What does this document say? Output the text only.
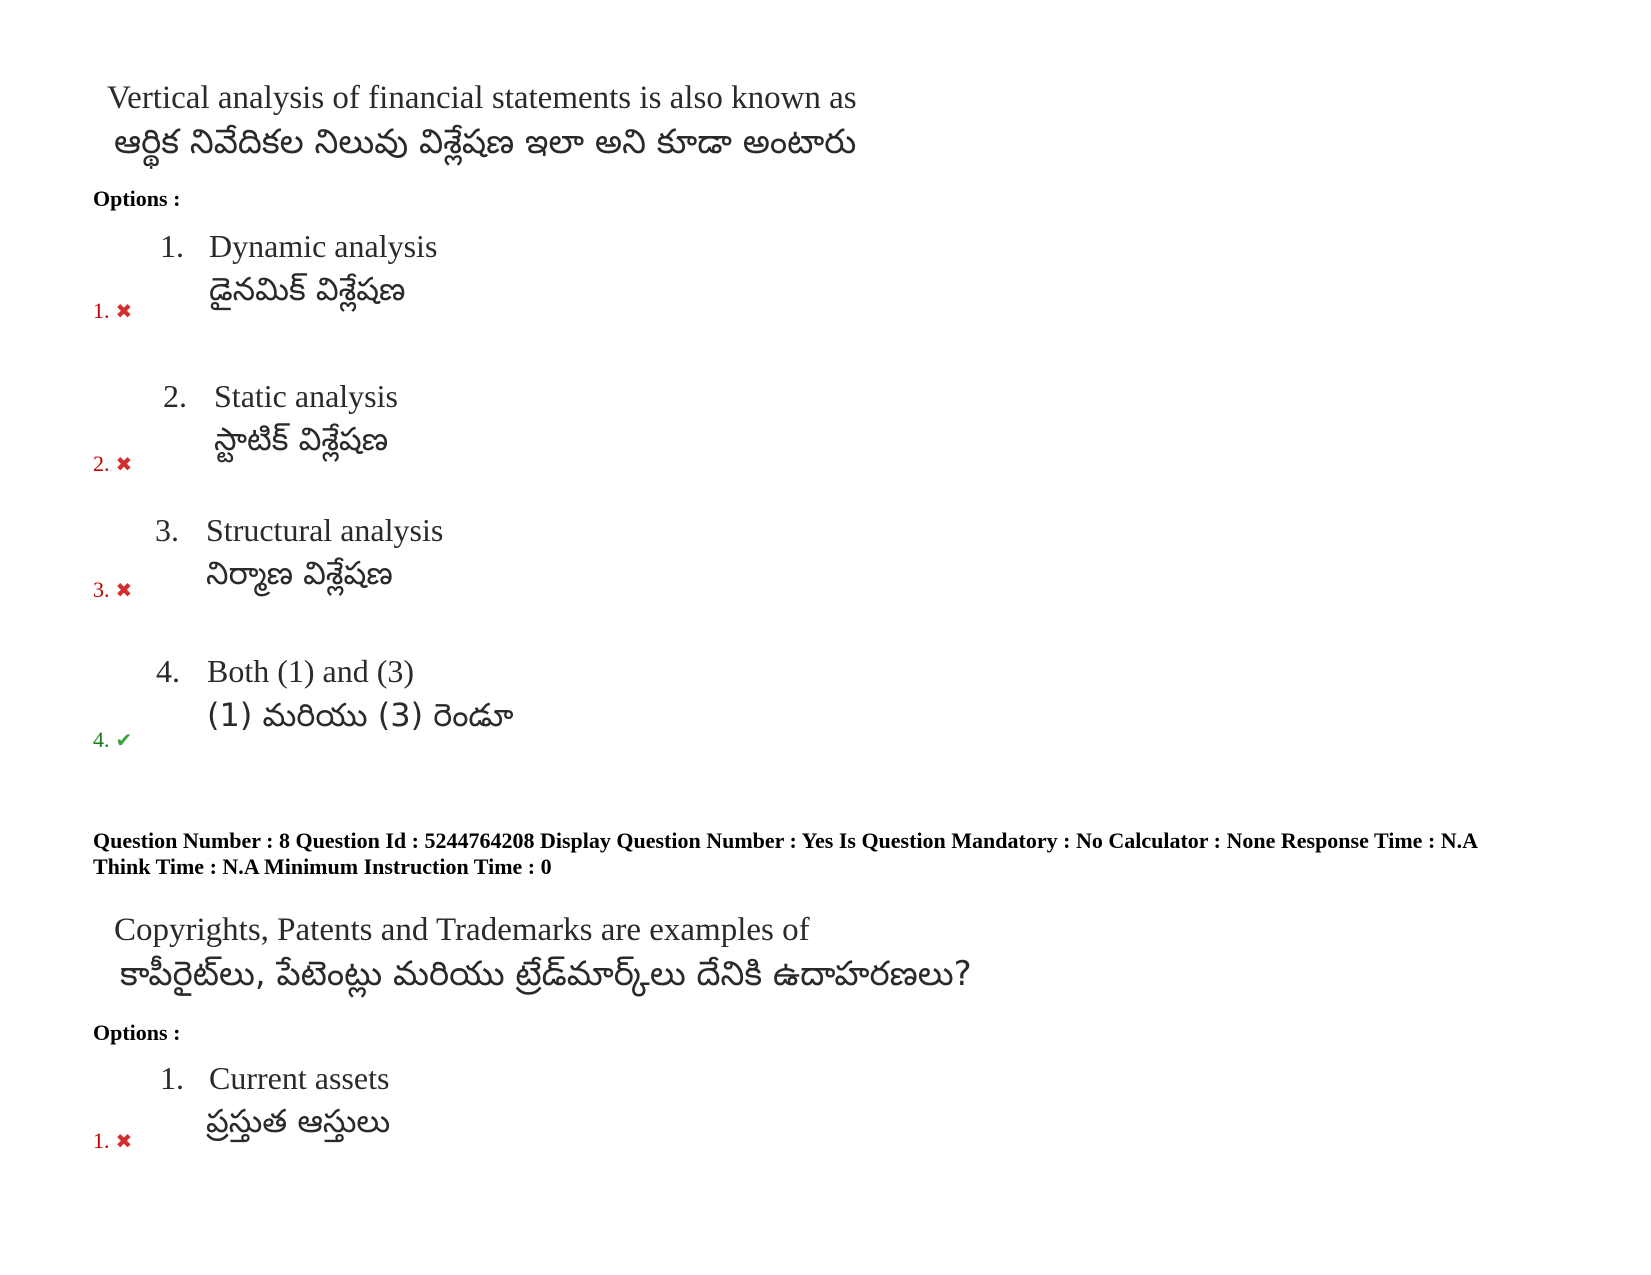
Vertical analysis of financial statements is also known as
ఆర్థిక నివేదికల నిలువు విశ్లేషణ ఇలా అని కూడా అంటారు
Options :
1. Dynamic analysis
డైనమిక్ విశ్లేషణ
1. ✖
2. Static analysis
స్టాటిక్ విశ్లేషణ
2. ✖
3. Structural analysis
నిర్మాణ విశ్లేషణ
3. ✖
4. Both (1) and (3)
(1) మరియు (3) రెండూ
4. ✔
Question Number : 8 Question Id : 5244764208 Display Question Number : Yes Is Question Mandatory : No Calculator : None Response Time : N.A Think Time : N.A Minimum Instruction Time : 0
Copyrights, Patents and Trademarks are examples of
కాపీరైట్‌లు, పేటెంట్లు మరియు ట్రేడ్‌మార్క్‌లు దేనికి ఉదాహరణలు?
Options :
1. Current assets
ప్రస్తుత ఆస్తులు
1. ✖
